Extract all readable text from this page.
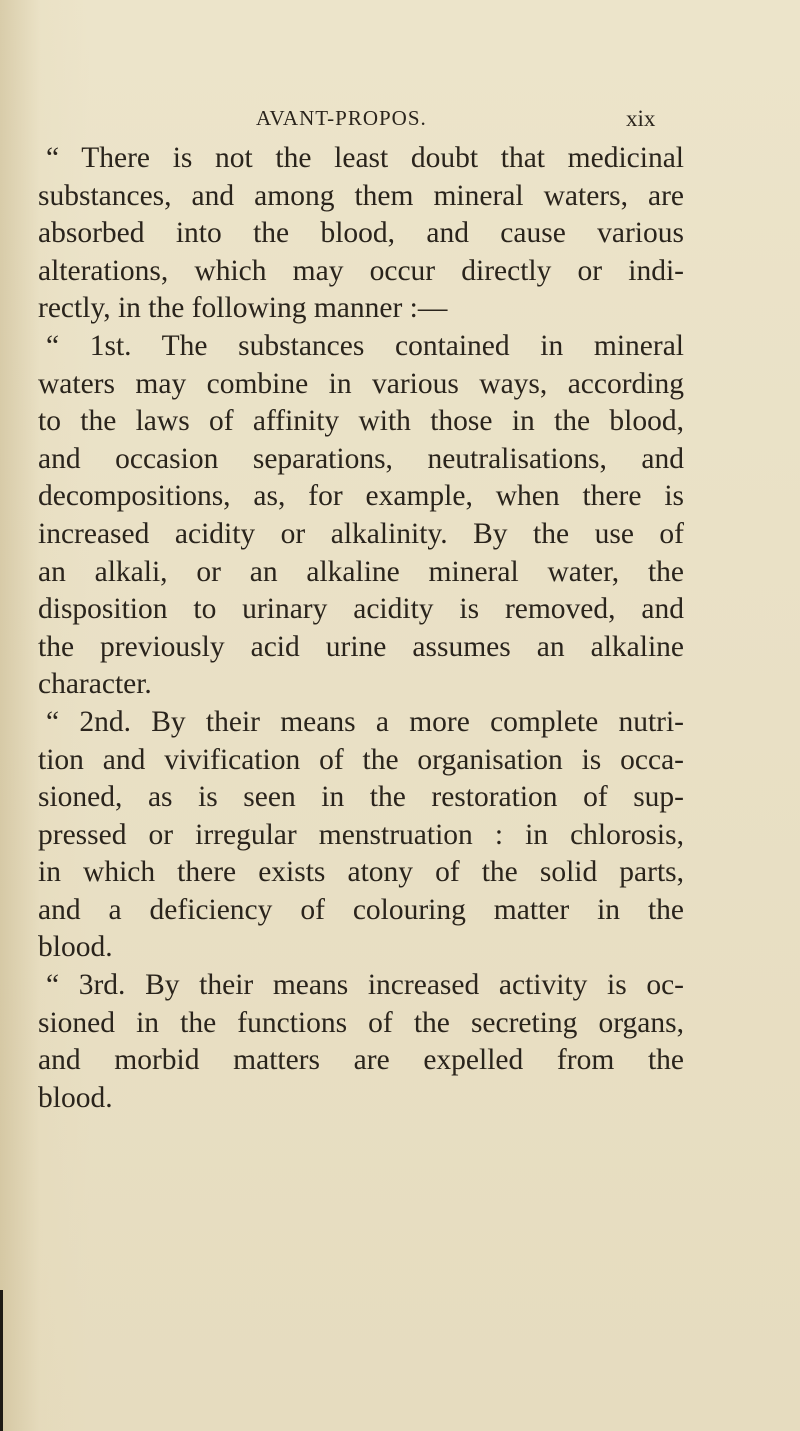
AVANT-PROPOS.	xix
“ There is not the least doubt that medicinal
substances, and among them mineral waters, are
absorbed into the blood, and cause various
alterations, which may occur directly or indi-
rectly, in the following manner :—
“ 1st. The substances contained in mineral
waters may combine in various ways, according
to the laws of affinity with those in the blood,
and occasion separations, neutralisations, and
decompositions, as, for example, when there is
increased acidity or alkalinity. By the use of
an alkali, or an alkaline mineral water, the
disposition to urinary acidity is removed, and
the previously acid urine assumes an alkaline
character.
“ 2nd. By their means a more complete nutri-
tion and vivification of the organisation is occa-
sioned, as is seen in the restoration of sup-
pressed or irregular menstruation : in chlorosis,
in which there exists atony of the solid parts,
and a deficiency of colouring matter in the
blood.
“ 3rd. By their means increased activity is oc-
sioned in the functions of the secreting organs,
and morbid matters are expelled from the
blood.
